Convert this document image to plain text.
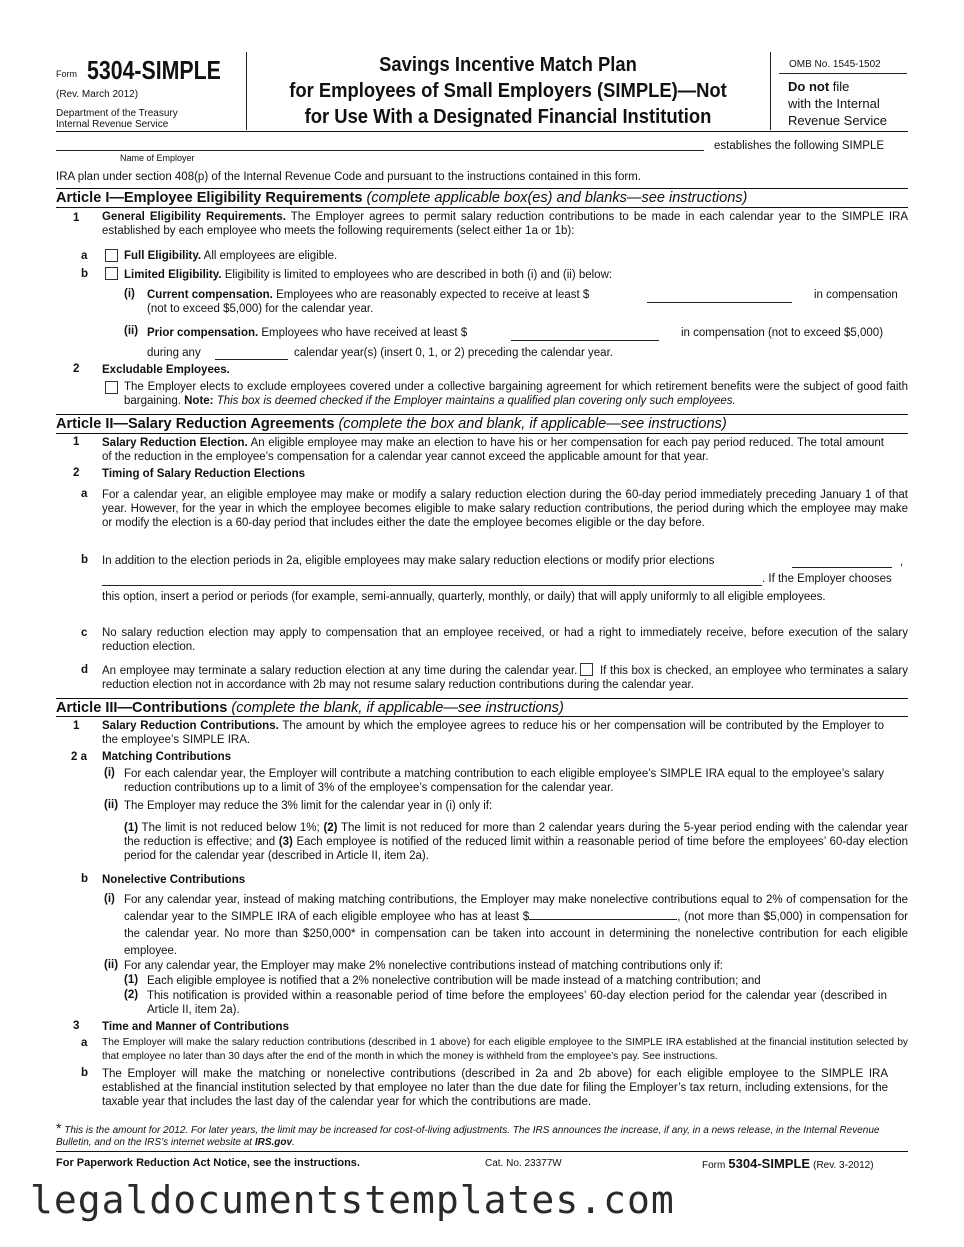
Form 5304-SIMPLE
(Rev. March 2012)
Department of the Treasury
Internal Revenue Service
Savings Incentive Match Plan
for Employees of Small Employers (SIMPLE)—Not
for Use With a Designated Financial Institution
OMB No. 1545-1502
Do not file
with the Internal
Revenue Service
establishes the following SIMPLE
Name of Employer
IRA plan under section 408(p) of the Internal Revenue Code and pursuant to the instructions contained in this form.
Article I—Employee Eligibility Requirements (complete applicable box(es) and blanks—see instructions)
1 General Eligibility Requirements. The Employer agrees to permit salary reduction contributions to be made in each calendar year to the SIMPLE IRA established by each employee who meets the following requirements (select either 1a or 1b):
a	Full Eligibility. All employees are eligible.
b	Limited Eligibility. Eligibility is limited to employees who are described in both (i) and (ii) below:
(i) Current compensation. Employees who are reasonably expected to receive at least $	in compensation
(not to exceed $5,000) for the calendar year.
(ii) Prior compensation. Employees who have received at least $	in compensation (not to exceed $5,000)
during any	calendar year(s) (insert 0, 1, or 2) preceding the calendar year.
2 Excludable Employees.
The Employer elects to exclude employees covered under a collective bargaining agreement for which retirement benefits were the subject of good faith bargaining. Note: This box is deemed checked if the Employer maintains a qualified plan covering only such employees.
Article II—Salary Reduction Agreements (complete the box and blank, if applicable—see instructions)
1 Salary Reduction Election. An eligible employee may make an election to have his or her compensation for each pay period reduced. The total amount of the reduction in the employee’s compensation for a calendar year cannot exceed the applicable amount for that year.
2 Timing of Salary Reduction Elections
a For a calendar year, an eligible employee may make or modify a salary reduction election during the 60-day period immediately preceding January 1 of that year. However, for the year in which the employee becomes eligible to make salary reduction contributions, the period during which the employee may make or modify the election is a 60-day period that includes either the date the employee becomes eligible or the day before.
b In addition to the election periods in 2a, eligible employees may make salary reduction elections or modify prior elections	,
. If the Employer chooses
this option, insert a period or periods (for example, semi-annually, quarterly, monthly, or daily) that will apply uniformly to all eligible employees.
c No salary reduction election may apply to compensation that an employee received, or had a right to immediately receive, before execution of the salary reduction election.
d An employee may terminate a salary reduction election at any time during the calendar year. If this box is checked, an employee who terminates a salary reduction election not in accordance with 2b may not resume salary reduction contributions during the calendar year.
Article III—Contributions (complete the blank, if applicable—see instructions)
1 Salary Reduction Contributions. The amount by which the employee agrees to reduce his or her compensation will be contributed by the Employer to the employee’s SIMPLE IRA.
2 a Matching Contributions
(i) For each calendar year, the Employer will contribute a matching contribution to each eligible employee’s SIMPLE IRA equal to the employee’s salary reduction contributions up to a limit of 3% of the employee’s compensation for the calendar year.
(ii) The Employer may reduce the 3% limit for the calendar year in (i) only if:
(1) The limit is not reduced below 1%; (2) The limit is not reduced for more than 2 calendar years during the 5-year period ending with the calendar year the reduction is effective; and (3) Each employee is notified of the reduced limit within a reasonable period of time before the employees’ 60-day election period for the calendar year (described in Article II, item 2a).
b Nonelective Contributions
(i) For any calendar year, instead of making matching contributions, the Employer may make nonelective contributions equal to 2% of compensation for the calendar year to the SIMPLE IRA of each eligible employee who has at least $	, (not more than $5,000) in compensation for the calendar year. No more than $250,000* in compensation can be taken into account in determining the nonelective contribution for each eligible employee.
(ii) For any calendar year, the Employer may make 2% nonelective contributions instead of matching contributions only if:
(1) Each eligible employee is notified that a 2% nonelective contribution will be made instead of a matching contribution; and
(2) This notification is provided within a reasonable period of time before the employees’ 60-day election period for the calendar year (described in Article II, item 2a).
3 Time and Manner of Contributions
a The Employer will make the salary reduction contributions (described in 1 above) for each eligible employee to the SIMPLE IRA established at the financial institution selected by that employee no later than 30 days after the end of the month in which the money is withheld from the employee’s pay. See instructions.
b The Employer will make the matching or nonelective contributions (described in 2a and 2b above) for each eligible employee to the SIMPLE IRA established at the financial institution selected by that employee no later than the due date for filing the Employer’s tax return, including extensions, for the taxable year that includes the last day of the calendar year for which the contributions are made.
* This is the amount for 2012. For later years, the limit may be increased for cost-of-living adjustments. The IRS announces the increase, if any, in a news release, in the Internal Revenue Bulletin, and on the IRS’s internet website at IRS.gov.
For Paperwork Reduction Act Notice, see the instructions.	Cat. No. 23377W	Form 5304-SIMPLE (Rev. 3-2012)
legaldocumentstemplates.com
